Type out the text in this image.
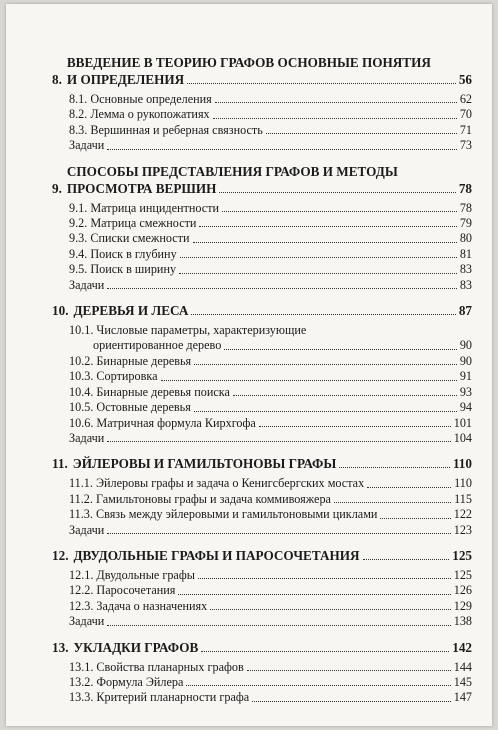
8.
ВВЕДЕНИЕ В ТЕОРИЮ ГРАФОВ ОСНОВНЫЕ ПОНЯТИЯ
И ОПРЕДЕЛЕНИЯ	56
8.1. Основные определения	62
8.2. Лемма о рукопожатиях	70
8.3. Вершинная и реберная связность	71
Задачи	73
9.
СПОСОБЫ ПРЕДСТАВЛЕНИЯ ГРАФОВ И МЕТОДЫ
ПРОСМОТРА ВЕРШИН	78
9.1. Матрица инцидентности	78
9.2. Матрица смежности	79
9.3. Списки смежности	80
9.4. Поиск в глубину	81
9.5. Поиск в ширину	83
Задачи	83
10. ДЕРЕВЬЯ И ЛЕСА	87
10.1. Числовые параметры, характеризующие
ориентированное дерево	90
10.2. Бинарные деревья	90
10.3. Сортировка	91
10.4. Бинарные деревья поиска	93
10.5. Остовные деревья	94
10.6. Матричная формула Кирхгофа	101
Задачи	104
11. ЭЙЛЕРОВЫ И ГАМИЛЬТОНОВЫ ГРАФЫ	110
11.1. Эйлеровы графы и задача о Кенигсбергских мостах	110
11.2. Гамильтоновы графы и задача коммивояжера	115
11.3. Связь между эйлеровыми и гамильтоновыми циклами	122
Задачи	123
12. ДВУДОЛЬНЫЕ ГРАФЫ И ПАРОСОЧЕТАНИЯ	125
12.1. Двудольные графы	125
12.2. Паросочетания	126
12.3. Задача о назначениях	129
Задачи	138
13. УКЛАДКИ ГРАФОВ	142
13.1. Свойства планарных графов	144
13.2. Формула Эйлера	145
13.3. Критерий планарности графа	147
